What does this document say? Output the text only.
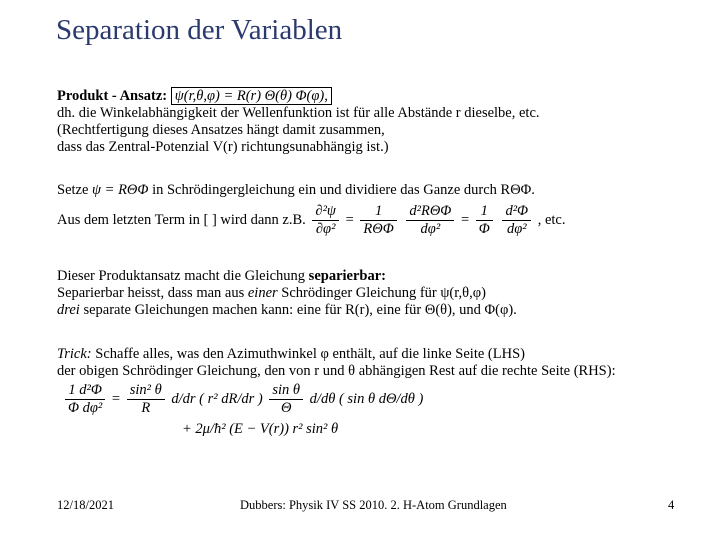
Separation der Variablen
Produkt - Ansatz: ψ(r,θ,φ) = R(r) Θ(θ) Φ(φ),
dh. die Winkelabhängigkeit der Wellenfunktion ist für alle Abstände r dieselbe, etc.
(Rechtfertigung dieses Ansatzes hängt damit zusammen,
dass das Zentral-Potenzial V(r) richtungsunabhängig ist.)
Setze ψ = RΘΦ in Schrödingergleichung ein und dividiere das Ganze durch RΘΦ.
Aus dem letzten Term in [ ] wird dann z.B. $\frac{\text{∂²ψ}}{\text{∂φ²}} = \frac{1}{\text{RΘΦ}}$
$\frac{\text{d²RΘΦ}}{\text{dφ²}} = \frac{1}{\Phi}$
$\frac{\text{d²Φ}}{\text{dφ²}}$ , etc.
Dieser Produktansatz macht die Gleichung separierbar:
Separierbar heisst, dass man aus einer Schrödinger Gleichung für ψ(r,θ,φ)
drei separate Gleichungen machen kann: eine für R(r), eine für Θ(θ), und Φ(φ).
Trick: Schaffe alles, was den Azimuthwinkel φ enthält, auf die linke Seite (LHS)
der obigen Schrödinger Gleichung, den von r und θ abhängigen Rest auf die rechte Seite (RHS):
$\frac{\text{1 d²Φ}}{\text{Φ dφ²}} = \frac{\text{sin² θ}}{R} d/dr$ ( r² dR/dr ) $\frac{\text{sin θ}}{\Theta} d/d\theta$ ( sin θ dΘ/dθ )
+ 2μ/ħ² (E − V(r)) r² sin² θ
12/18/2021	Dubbers: Physik IV SS 2010. 2. H-Atom Grundlagen	4
